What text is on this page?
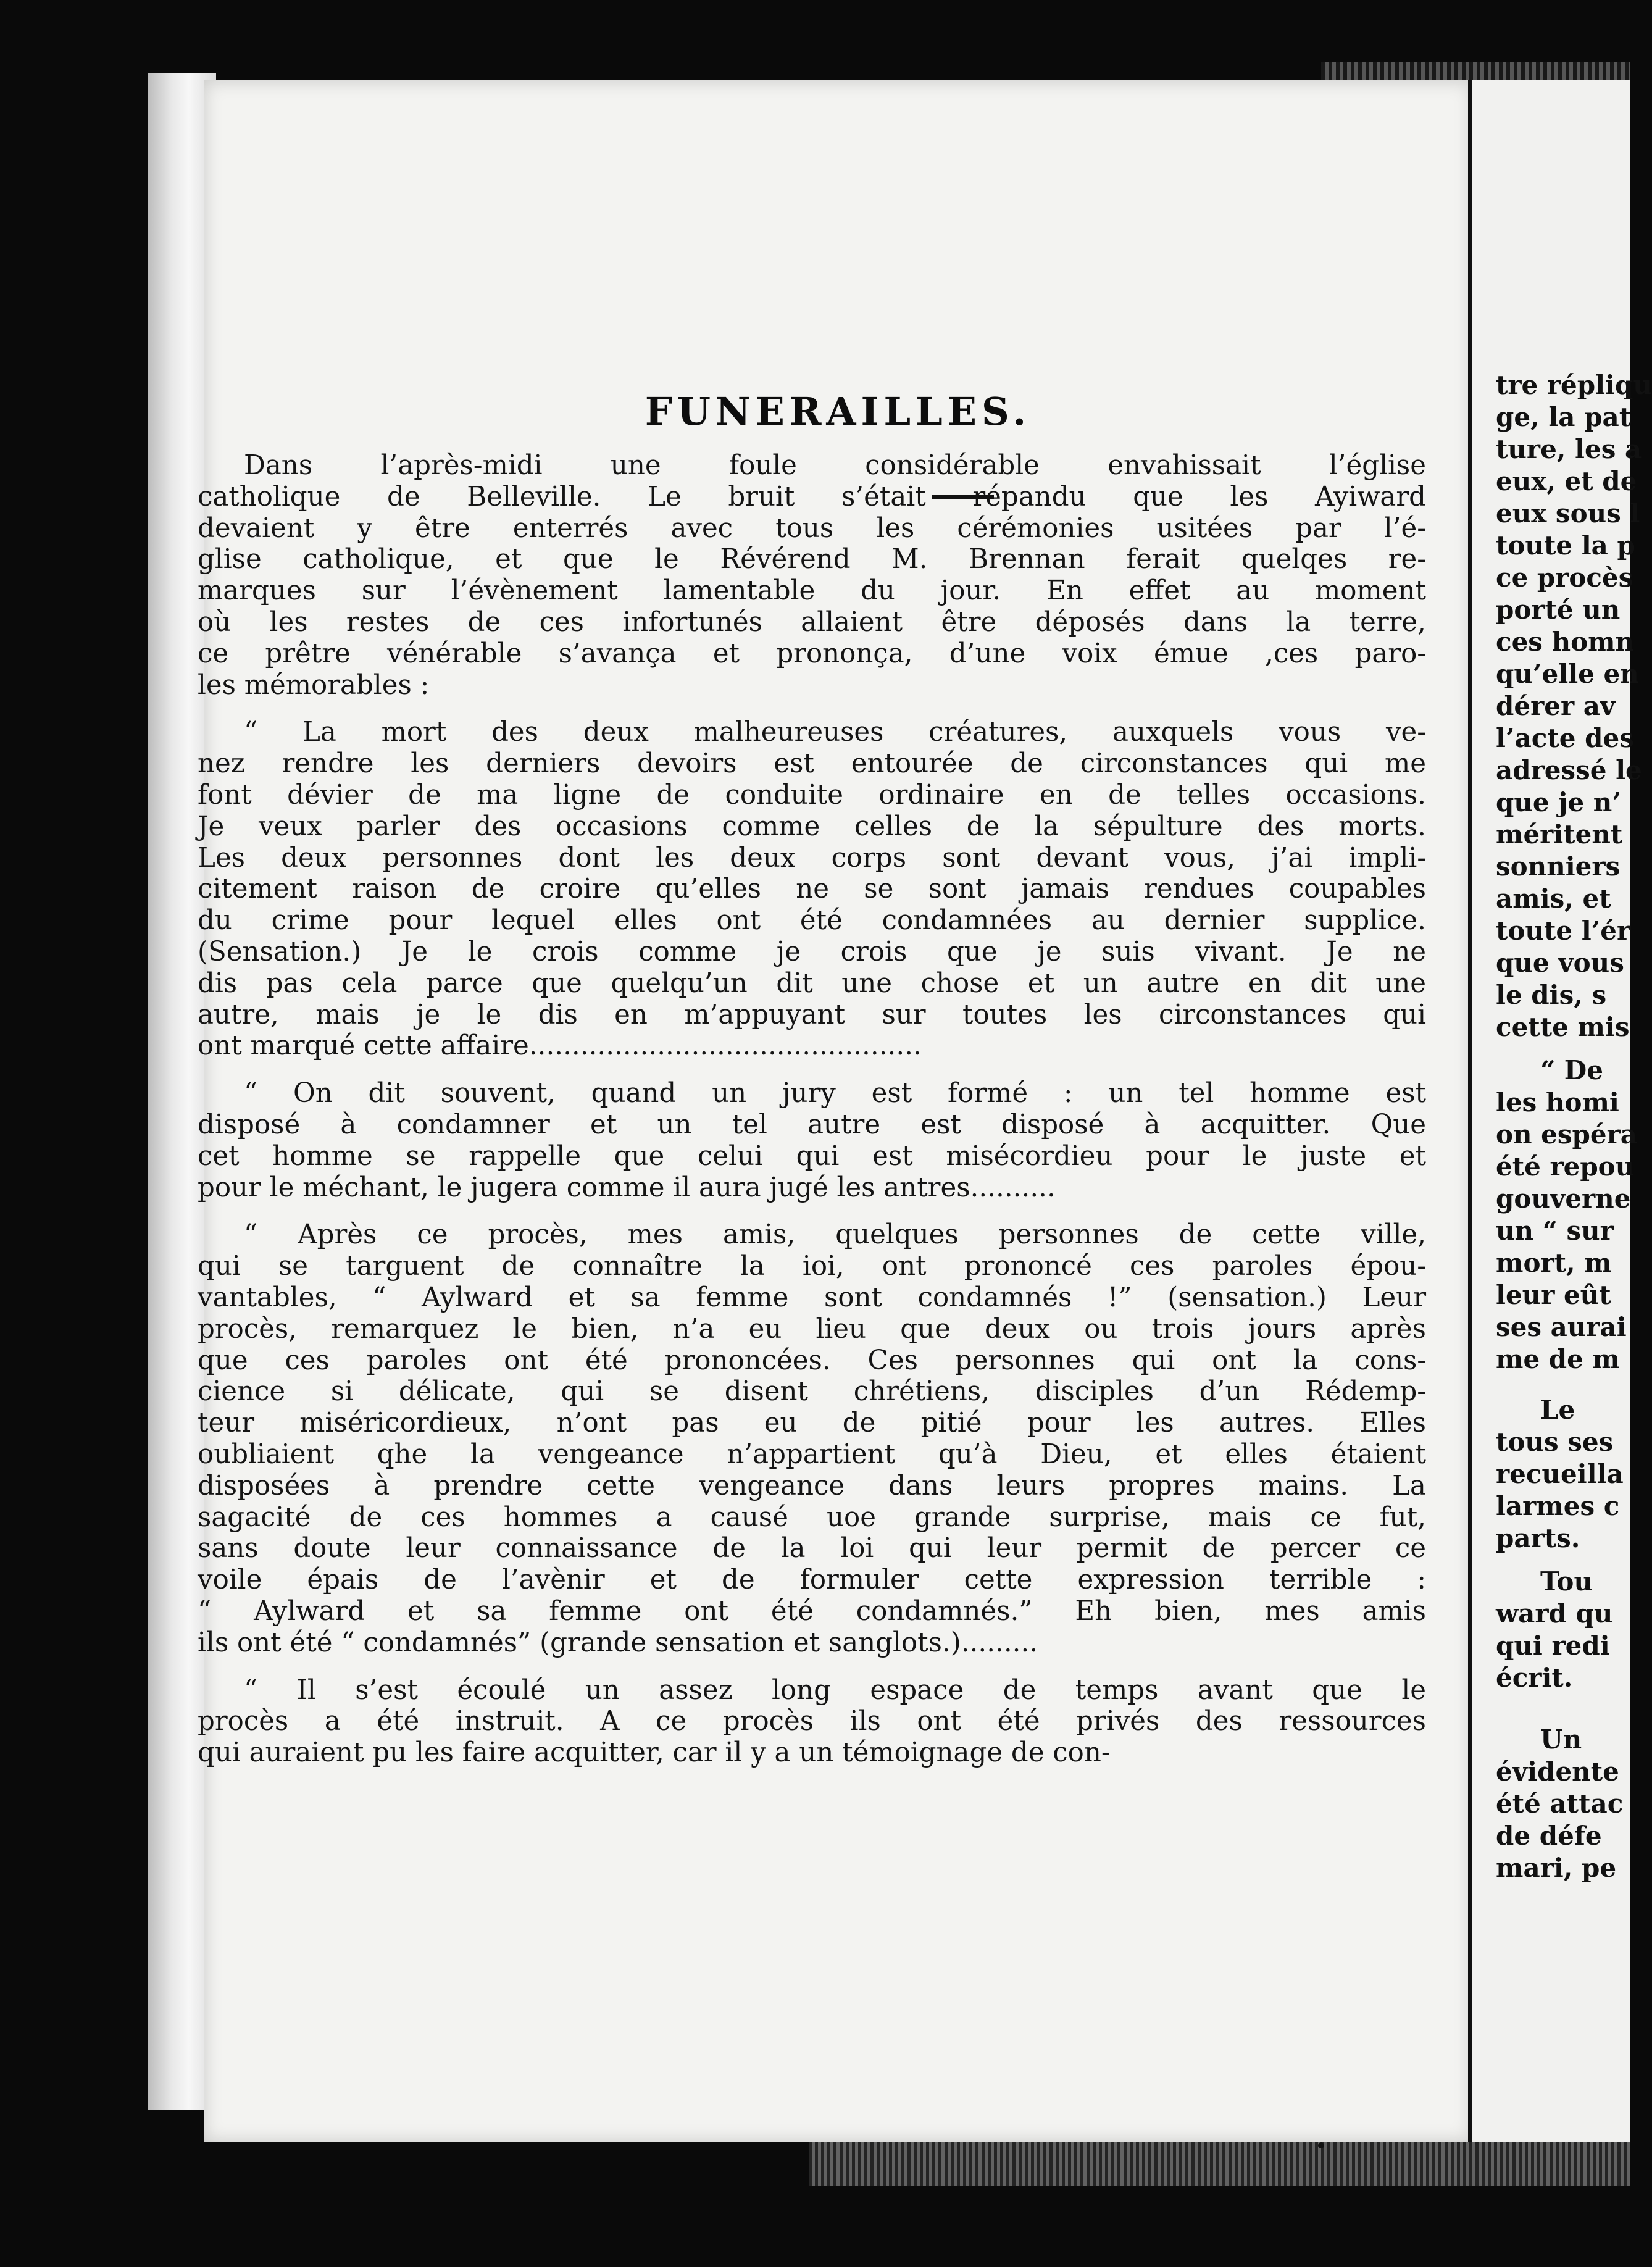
FUNERAILLES.

Dans l’après-midi une foule considérable envahissait l’église

catholique de Belleville. Le bruit s’était répandu que les Ayiward

devaient y être enterrés avec tous les cérémonies usitées par l’é-

glise catholique, et que le Révérend M. Brennan ferait quelqes re-

marques sur l’évènement lamentable du jour. En effet au moment

où les restes de ces infortunés allaient être déposés dans la terre,

ce prêtre vénérable s’avança et prononça, d’une voix émue ,ces paro-

les mémorables :

“ La mort des deux malheureuses créatures, auxquels vous ve-

nez rendre les derniers devoirs est entourée de circonstances qui me

font dévier de ma ligne de conduite ordinaire en de telles occasions.

Je veux parler des occasions comme celles de la sépulture des morts.

Les deux personnes dont les deux corps sont devant vous, j’ai impli-

citement raison de croire qu’elles ne se sont jamais rendues coupables

du crime pour lequel elles ont été condamnées au dernier supplice.

(Sensation.) Je le crois comme je crois que je suis vivant. Je ne

dis pas cela parce que quelqu’un dit une chose et un autre en dit une

autre, mais je le dis en m’appuyant sur toutes les circonstances qui

ont marqué cette affaire..............................................

“ On dit souvent, quand un jury est formé : un tel homme est

disposé à condamner et un tel autre est disposé à acquitter. Que

cet homme se rappelle que celui qui est misécordieu pour le juste et

pour le méchant, le jugera comme il aura jugé les antres..........

“ Après ce procès, mes amis, quelques personnes de cette ville,

qui se targuent de connaître la ioi, ont prononcé ces paroles épou-

vantables, “ Aylward et sa femme sont condamnés !” (sensation.) Leur

procès, remarquez le bien, n’a eu lieu que deux ou trois jours après

que ces paroles ont été prononcées. Ces personnes qui ont la cons-

cience si délicate, qui se disent chrétiens, disciples d’un Rédemp-

teur miséricordieux, n’ont pas eu de pitié pour les autres. Elles

oubliaient qhe la vengeance n’appartient qu’à Dieu, et elles étaient

disposées à prendre cette vengeance dans leurs propres mains. La

sagacité de ces hommes a causé uoe grande surprise, mais ce fut,

sans doute leur connaissance de la loi qui leur permit de percer ce

voile épais de l’avènir et de formuler cette expression terrible :

“ Aylward et sa femme ont été condamnés.” Eh bien, mes amis

ils ont été “ condamnés” (grande sensation et sanglots.).........

“ Il s’est écoulé un assez long espace de temps avant que le

procès a été instruit. A ce procès ils ont été privés des ressources

qui auraient pu les faire acquitter, car il y a un témoignage de con-

tre répliqu

ge, la pat

ture, les a

eux, et de

eux sous l

toute la p

ce procès

porté un

ces homn

qu’elle en

dérer av

l’acte des

adressé le

que je n’

méritent

sonniers

amis, et

toute l’ér

que vous

le dis, s

cette mis

“ De

les homi

on espéra

été repou

gouverne

un “ sur

mort, m

leur eût

ses aurai

me de m

Le

tous ses

recueilla

larmes c

parts.

Tou

ward qu

qui redi

écrit.

Un

évidente

été attac

de défe

mari, pe
